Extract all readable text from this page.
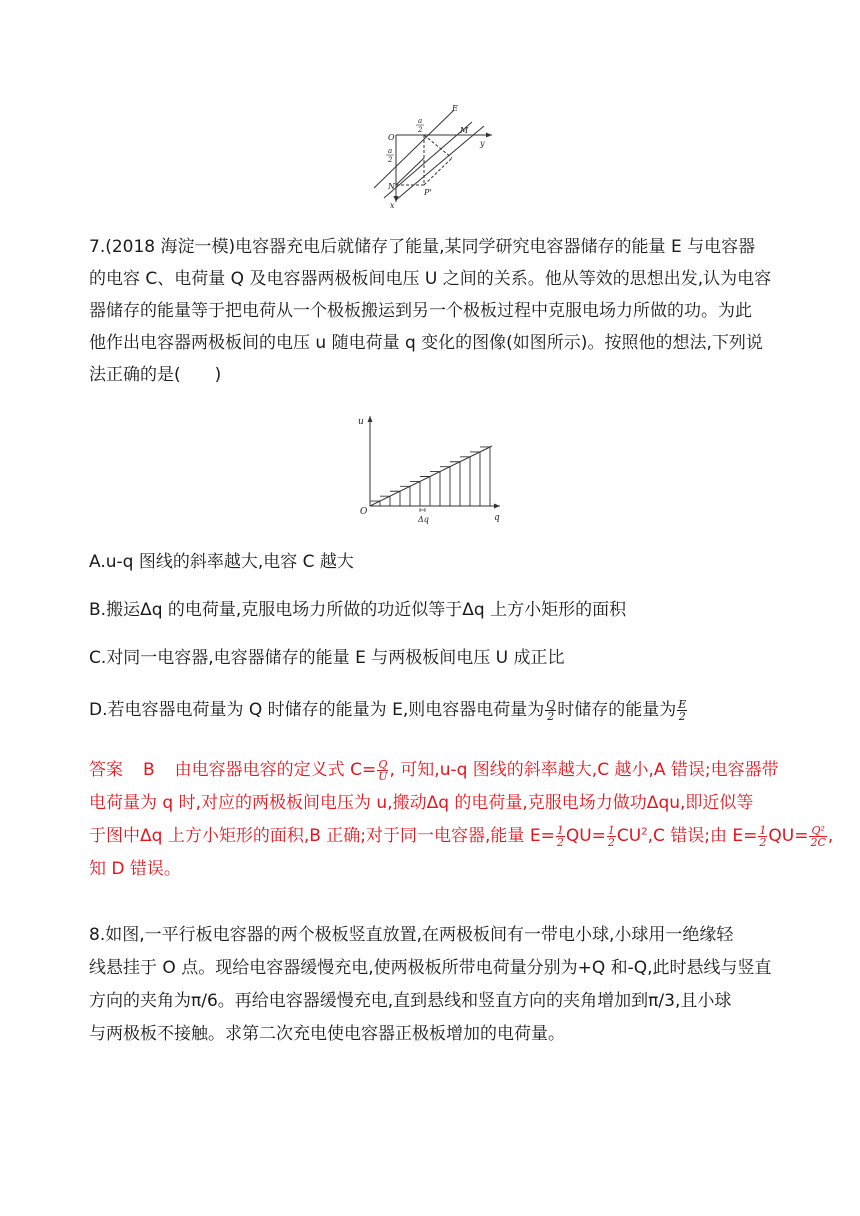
E
y
x
O
M
N
P'
a
2
a
2
7.(2018 海淀一模)电容器充电后就储存了能量,某同学研究电容器储存的能量 E 与电容器
的电容 C、电荷量 Q 及电容器两极板间电压 U 之间的关系。他从等效的思想出发,认为电容
器储存的能量等于把电荷从一个极板搬运到另一个极板过程中克服电场力所做的功。为此
他作出电容器两极板间的电压 u 随电荷量 q 变化的图像(如图所示)。按照他的想法,下列说
法正确的是(　　)
u
q
O
Δq

A.u-q 图线的斜率越大,电容 C 越大

B.搬运Δq 的电荷量,克服电场力所做的功近似等于Δq 上方小矩形的面积

C.对同一电容器,电容器储存的能量 E 与两极板间电压 U 成正比

D.若电容器电荷量为 Q 时储存的能量为 E,则电容器电荷量为 $\frac{Q}{2}$ 时储存的能量为 $\frac{E}{2}$

答案 B 由电容器电容的定义式 $C= \frac{Q}{U}$ , 可知,u-q 图线的斜率越大,C 越小,A 错误;电容器带
电荷量为 q 时,对应的两极板间电压为 u,搬动Δq 的电荷量,克服电场力做功Δqu,即近似等
于图中Δq 上方小矩形的面积,B 正确;对于同一电容器,能量 $E= \frac{1}{2} QU= \frac{1}{2} CU^2,C$ 错误;由 $E= \frac{1}{2} QU= \frac{\text{Q²}}{2C}$ ,
知 D 错误。
8.如图,一平行板电容器的两个极板竖直放置,在两极板间有一带电小球,小球用一绝缘轻
线悬挂于 O 点。现给电容器缓慢充电,使两极板所带电荷量分别为+Q 和-Q,此时悬线与竖直
方向的夹角为π/6。再给电容器缓慢充电,直到悬线和竖直方向的夹角增加到π/3,且小球
与两极板不接触。求第二次充电使电容器正极板增加的电荷量。
